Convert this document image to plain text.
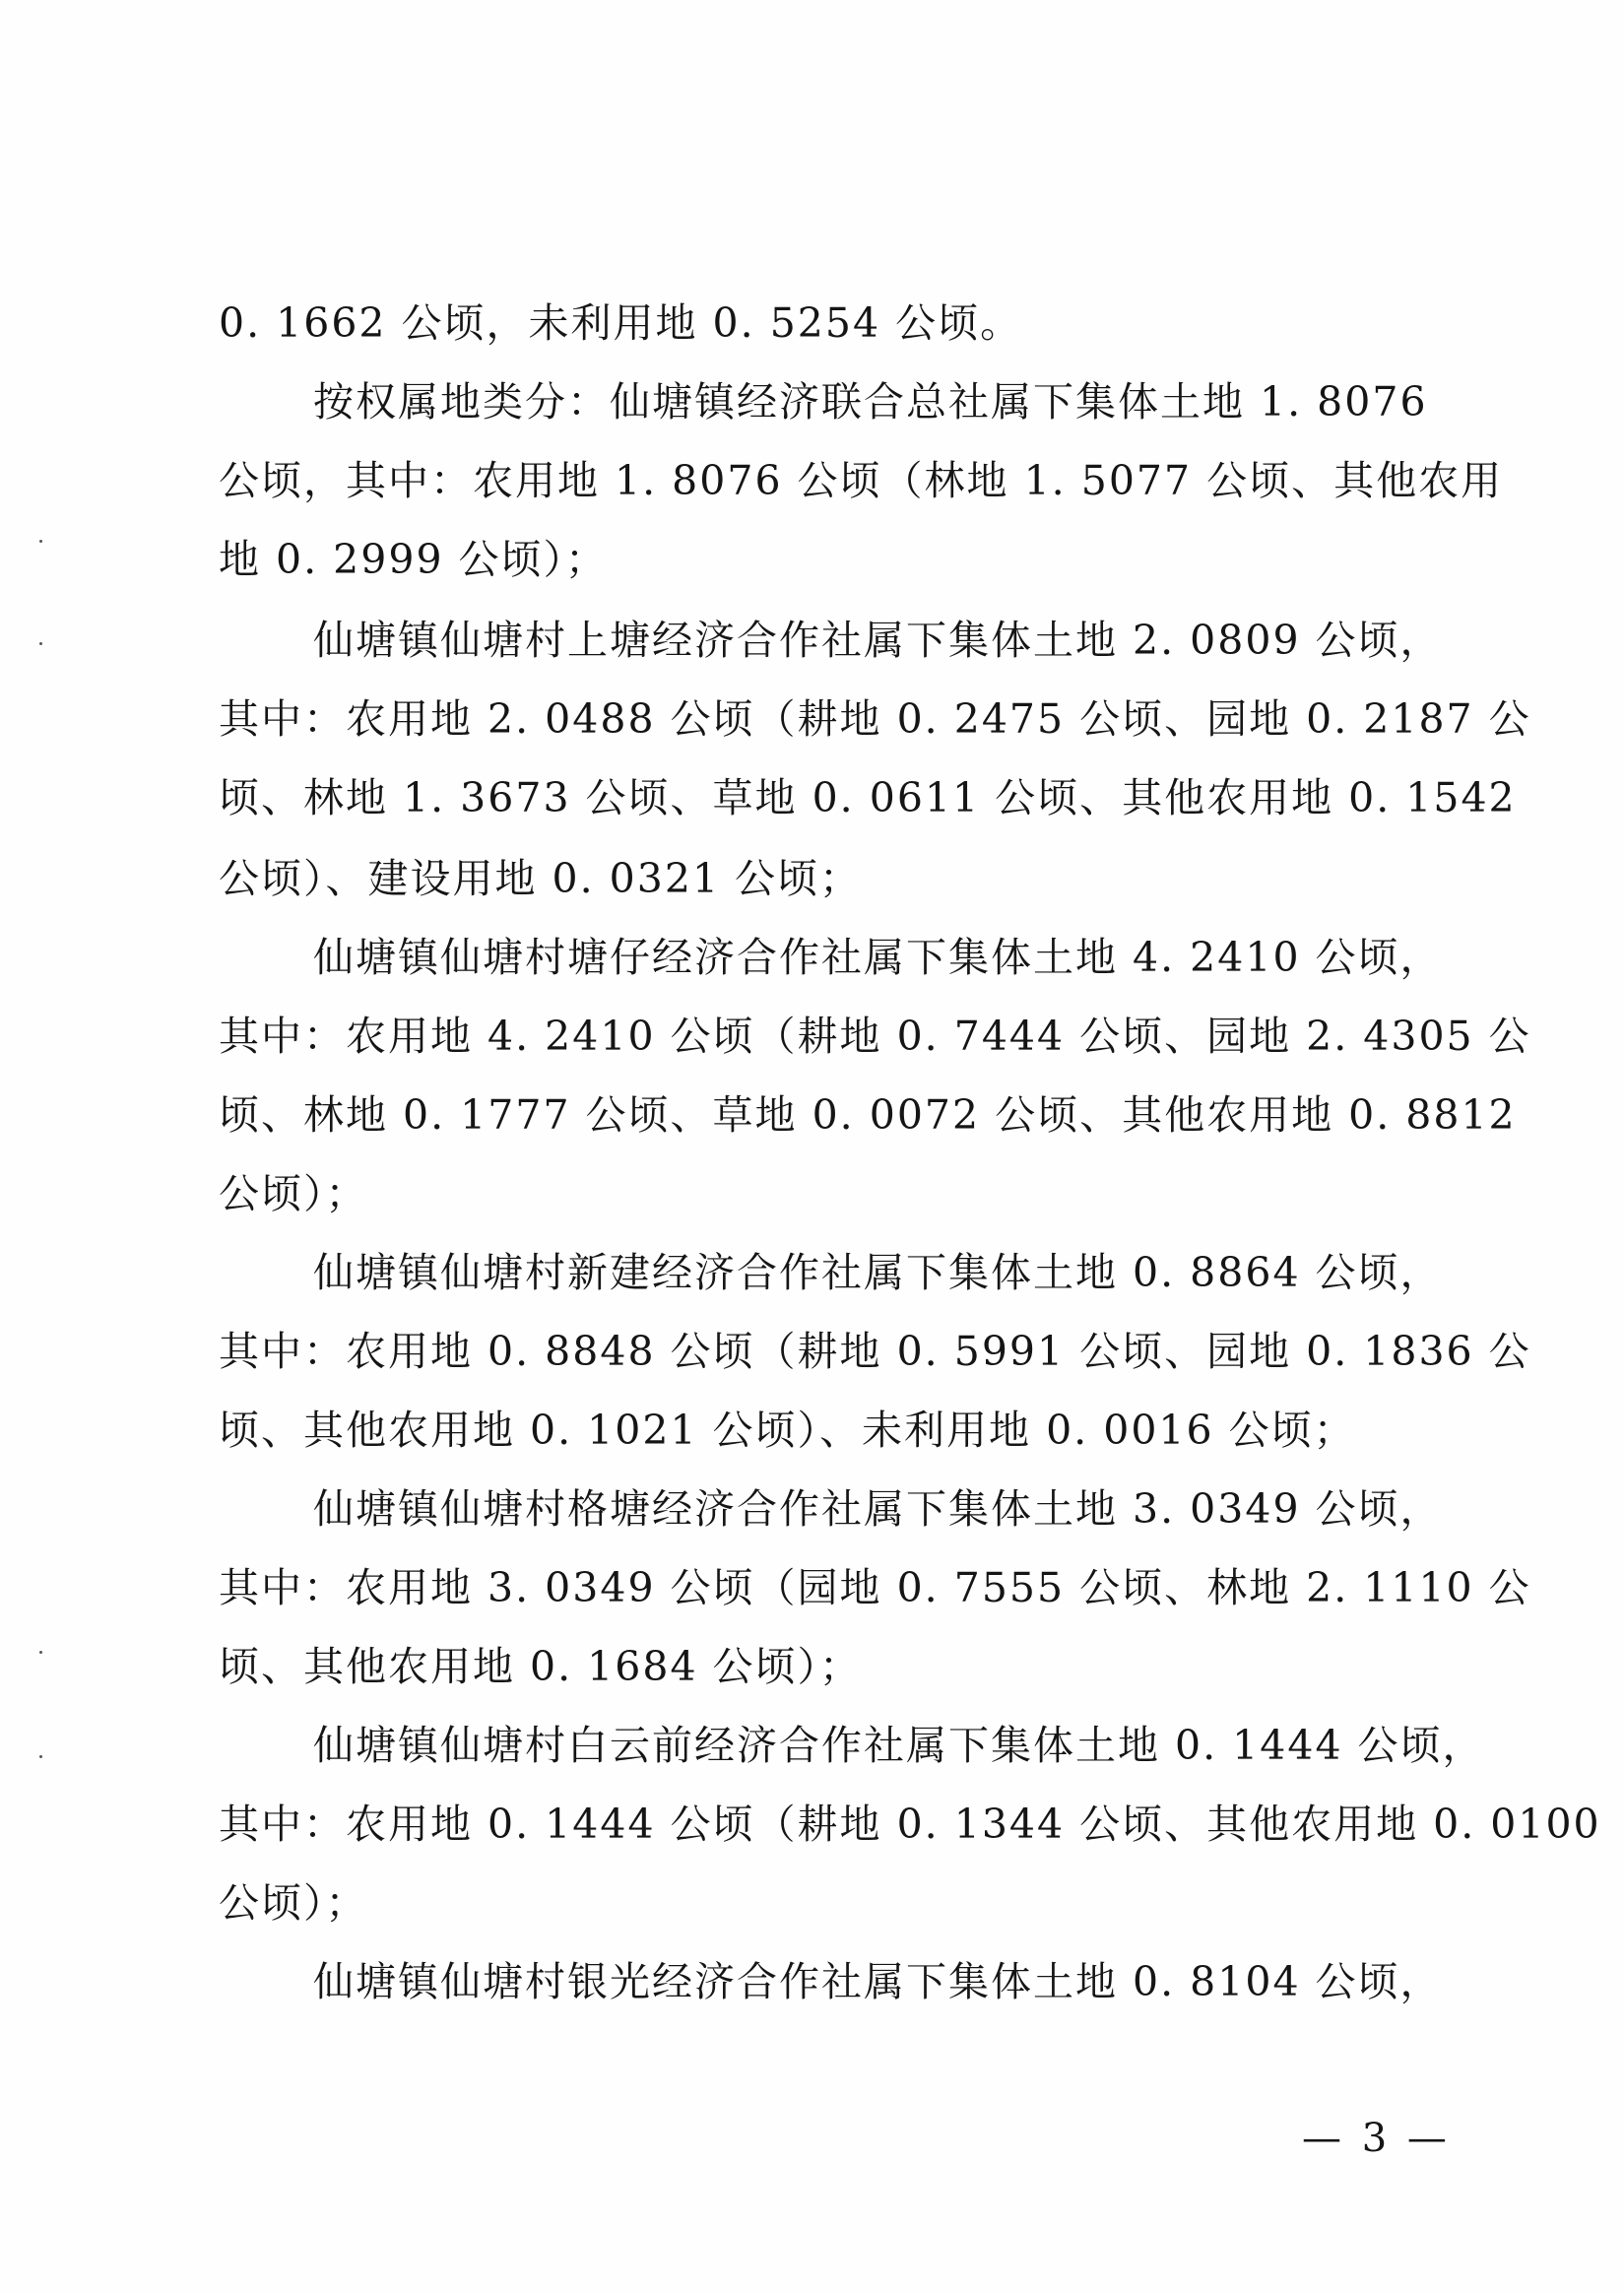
0. 1662 公顷，未利用地 0. 5254 公顷。
按权属地类分：仙塘镇经济联合总社属下集体土地 1. 8076
公顷，其中：农用地 1. 8076 公顷（林地 1. 5077 公顷、其他农用
地 0. 2999 公顷）；
仙塘镇仙塘村上塘经济合作社属下集体土地 2. 0809 公顷，
其中：农用地 2. 0488 公顷（耕地 0. 2475 公顷、园地 0. 2187 公
顷、林地 1. 3673 公顷、草地 0. 0611 公顷、其他农用地 0. 1542
公顷）、建设用地 0. 0321 公顷；
仙塘镇仙塘村塘仔经济合作社属下集体土地 4. 2410 公顷，
其中：农用地 4. 2410 公顷（耕地 0. 7444 公顷、园地 2. 4305 公
顷、林地 0. 1777 公顷、草地 0. 0072 公顷、其他农用地 0. 8812
公顷）；
仙塘镇仙塘村新建经济合作社属下集体土地 0. 8864 公顷，
其中：农用地 0. 8848 公顷（耕地 0. 5991 公顷、园地 0. 1836 公
顷、其他农用地 0. 1021 公顷）、未利用地 0. 0016 公顷；
仙塘镇仙塘村格塘经济合作社属下集体土地 3. 0349 公顷，
其中：农用地 3. 0349 公顷（园地 0. 7555 公顷、林地 2. 1110 公
顷、其他农用地 0. 1684 公顷）；
仙塘镇仙塘村白云前经济合作社属下集体土地 0. 1444 公顷，
其中：农用地 0. 1444 公顷（耕地 0. 1344 公顷、其他农用地 0. 0100
公顷）；
仙塘镇仙塘村银光经济合作社属下集体土地 0. 8104 公顷，
— 3 —
